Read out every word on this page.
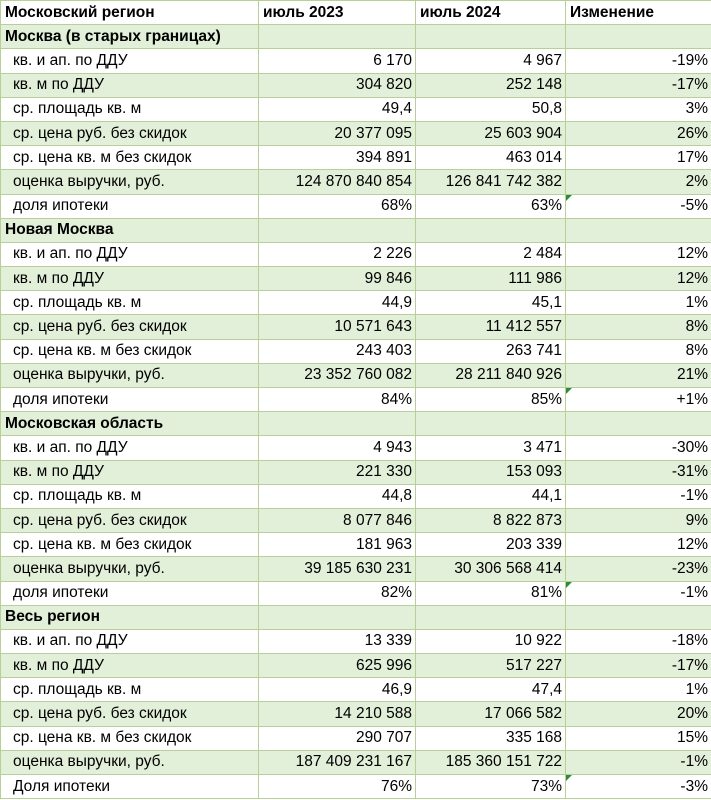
Московский регион	июль 2023	июль 2024	Изменение
Москва (в старых границах)			
кв. и ап. по ДДУ	6 170	4 967	-19%
кв. м по ДДУ	304 820	252 148	-17%
ср. площадь кв. м	49,4	50,8	3%
ср. цена руб. без скидок	20 377 095	25 603 904	26%
ср. цена кв. м без скидок	394 891	463 014	17%
оценка выручки, руб.	124 870 840 854	126 841 742 382	2%
доля ипотеки	68%	63%	-5%
Новая Москва			
кв. и ап. по ДДУ	2 226	2 484	12%
кв. м по ДДУ	99 846	111 986	12%
ср. площадь кв. м	44,9	45,1	1%
ср. цена руб. без скидок	10 571 643	11 412 557	8%
ср. цена кв. м без скидок	243 403	263 741	8%
оценка выручки, руб.	23 352 760 082	28 211 840 926	21%
доля ипотеки	84%	85%	+1%
Московская область			
кв. и ап. по ДДУ	4 943	3 471	-30%
кв. м по ДДУ	221 330	153 093	-31%
ср. площадь кв. м	44,8	44,1	-1%
ср. цена руб. без скидок	8 077 846	8 822 873	9%
ср. цена кв. м без скидок	181 963	203 339	12%
оценка выручки, руб.	39 185 630 231	30 306 568 414	-23%
доля ипотеки	82%	81%	-1%
Весь регион			
кв. и ап. по ДДУ	13 339	10 922	-18%
кв. м по ДДУ	625 996	517 227	-17%
ср. площадь кв. м	46,9	47,4	1%
ср. цена руб. без скидок	14 210 588	17 066 582	20%
ср. цена кв. м без скидок	290 707	335 168	15%
оценка выручки, руб.	187 409 231 167	185 360 151 722	-1%
Доля ипотеки	76%	73%	-3%
